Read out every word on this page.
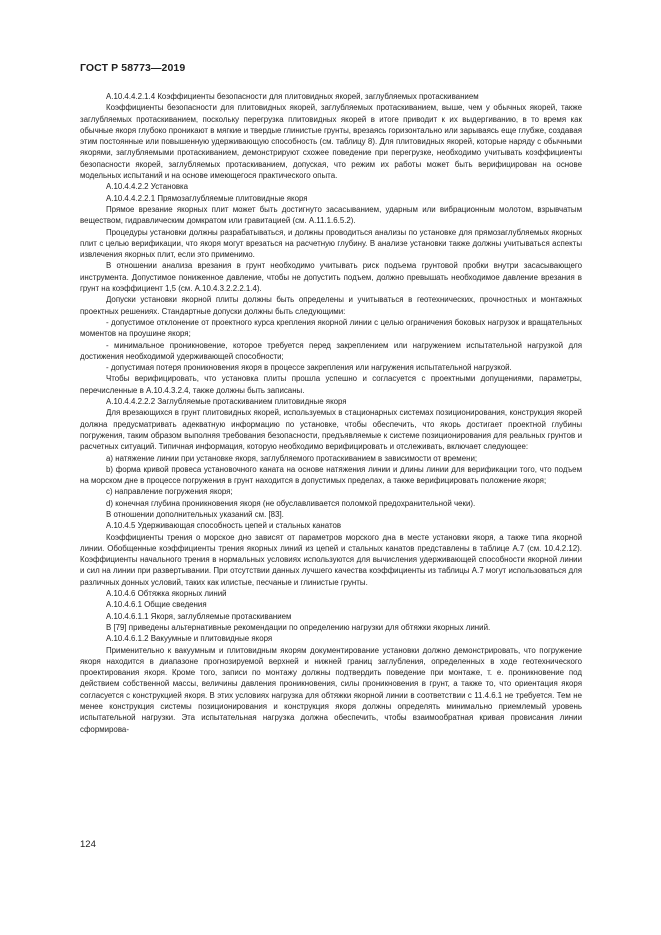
ГОСТ Р 58773—2019

А.10.4.4.2.1.4 Коэффициенты безопасности для плитовидных якорей, заглубляемых протаскиванием

Коэффициенты безопасности для плитовидных якорей, заглубляемых протаскиванием, выше, чем у обычных якорей, также заглубляемых протаскиванием, поскольку перегрузка плитовидных якорей в итоге приводит к их выдергиванию, в то время как обычные якоря глубоко проникают в мягкие и твердые глинистые грунты, врезаясь горизонтально или зарываясь еще глубже, создавая этим постоянные или повышенную удерживающую способность (см. таблицу 8). Для плитовидных якорей, которые наряду с обычными якорями, заглубляемыми протаскиванием, демонстрируют схожее поведение при перегрузке, необходимо учитывать коэффициенты безопасности якорей, заглубляемых протаскиванием, допуская, что режим их работы может быть верифицирован на основе модельных испытаний и на основе имеющегося практического опыта.

А.10.4.4.2.2 Установка

А.10.4.4.2.2.1 Прямозаглубляемые плитовидные якоря

Прямое врезание якорных плит может быть достигнуто засасыванием, ударным или вибрационным молотом, взрывчатым веществом, гидравлическим домкратом или гравитацией (см. А.11.1.6.5.2).

Процедуры установки должны разрабатываться, и должны проводиться анализы по установке для прямозаглубляемых якорных плит с целью верификации, что якоря могут врезаться на расчетную глубину. В анализе установки также должны учитываться аспекты извлечения якорных плит, если это применимо.

В отношении анализа врезания в грунт необходимо учитывать риск подъема грунтовой пробки внутри засасывающего инструмента. Допустимое пониженное давление, чтобы не допустить подъем, должно превышать необходимое давление врезания в грунт на коэффициент 1,5 (см. А.10.4.3.2.2.2.1.4).

Допуски установки якорной плиты должны быть определены и учитываться в геотехнических, прочностных и монтажных проектных решениях. Стандартные допуски должны быть следующими:

- допустимое отклонение от проектного курса крепления якорной линии с целью ограничения боковых нагрузок и вращательных моментов на проушине якоря;

- минимальное проникновение, которое требуется перед закреплением или нагружением испытательной нагрузкой для достижения необходимой удерживающей способности;

- допустимая потеря проникновения якоря в процессе закрепления или нагружения испытательной нагрузкой.

Чтобы верифицировать, что установка плиты прошла успешно и согласуется с проектными допущениями, параметры, перечисленные в А.10.4.3.2.4, также должны быть записаны.

А.10.4.4.2.2.2 Заглубляемые протаскиванием плитовидные якоря

Для врезающихся в грунт плитовидных якорей, используемых в стационарных системах позиционирования, конструкция якорей должна предусматривать адекватную информацию по установке, чтобы обеспечить, что якорь достигает проектной глубины погружения, таким образом выполняя требования безопасности, предъявляемые к системе позиционирования для реальных грунтов и расчетных ситуаций. Типичная информация, которую необходимо верифицировать и отслеживать, включает следующее:

а) натяжение линии при установке якоря, заглубляемого протаскиванием в зависимости от времени;

b) форма кривой провеса установочного каната на основе натяжения линии и длины линии для верификации того, что подъем на морском дне в процессе погружения в грунт находится в допустимых пределах, а также верифицировать положение якоря;

c) направление погружения якоря;

d) конечная глубина проникновения якоря (не обуславливается поломкой предохранительной чеки).

В отношении дополнительных указаний см. [83].

А.10.4.5 Удерживающая способность цепей и стальных канатов

Коэффициенты трения о морское дно зависят от параметров морского дна в месте установки якоря, а также типа якорной линии. Обобщенные коэффициенты трения якорных линий из цепей и стальных канатов представлены в таблице А.7 (см. 10.4.2.12). Коэффициенты начального трения в нормальных условиях используются для вычисления удерживающей способности якорной линии и сил на линии при развертывании. При отсутствии данных лучшего качества коэффициенты из таблицы А.7 могут использоваться для различных донных условий, таких как илистые, песчаные и глинистые грунты.

А.10.4.6 Обтяжка якорных линий

А.10.4.6.1 Общие сведения

А.10.4.6.1.1 Якоря, заглубляемые протаскиванием

В [79] приведены альтернативные рекомендации по определению нагрузки для обтяжки якорных линий.

А.10.4.6.1.2 Вакуумные и плитовидные якоря

Применительно к вакуумным и плитовидным якорям документирование установки должно демонстрировать, что погружение якоря находится в диапазоне прогнозируемой верхней и нижней границ заглубления, определенных в ходе геотехнического проектирования якоря. Кроме того, записи по монтажу должны подтвердить поведение при монтаже, т. е. проникновение под действием собственной массы, величины давления проникновения, силы проникновения в грунт, а также то, что ориентация якоря согласуется с конструкцией якоря. В этих условиях нагрузка для обтяжки якорной линии в соответствии с 11.4.6.1 не требуется. Тем не менее конструкция системы позиционирования и конструкция якоря должны определять минимально приемлемый уровень испытательной нагрузки. Эта испытательная нагрузка должна обеспечить, чтобы взаимообратная кривая провисания линии сформирова-

124
